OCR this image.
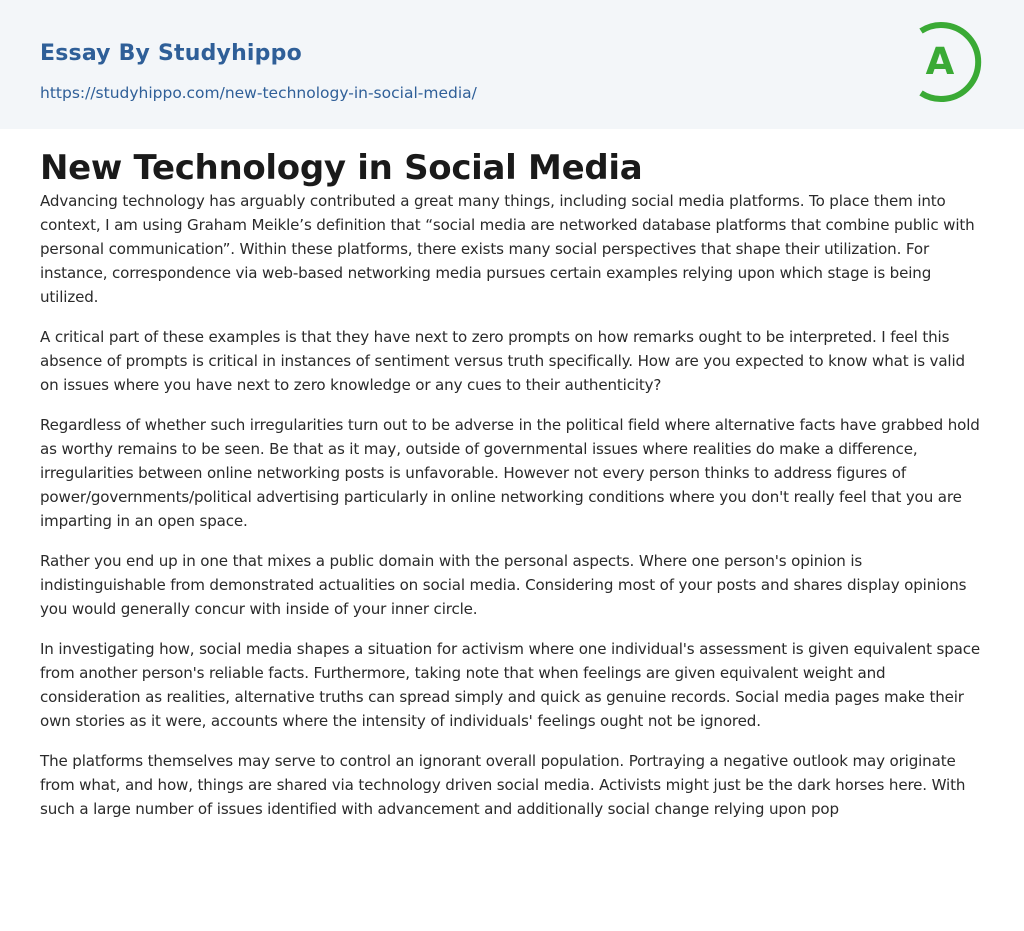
Essay By Studyhippo
https://studyhippo.com/new-technology-in-social-media/
A
New Technology in Social Media

Advancing technology has arguably contributed a great many things, including social media platforms. To place them into context, I am using Graham Meikle’s definition that “social media are networked database platforms that combine public with personal communication”. Within these platforms, there exists many social perspectives that shape their utilization. For instance, correspondence via web-based networking media pursues certain examples relying upon which stage is being utilized.

A critical part of these examples is that they have next to zero prompts on how remarks ought to be interpreted. I feel this absence of prompts is critical in instances of sentiment versus truth specifically. How are you expected to know what is valid on issues where you have next to zero knowledge or any cues to their authenticity?

Regardless of whether such irregularities turn out to be adverse in the political field where alternative facts have grabbed hold as worthy remains to be seen. Be that as it may, outside of governmental issues where realities do make a difference, irregularities between online networking posts is unfavorable. However not every person thinks to address figures of power/governments/political advertising particularly in online networking conditions where you don't really feel that you are imparting in an open space.

Rather you end up in one that mixes a public domain with the personal aspects. Where one person's opinion is indistinguishable from demonstrated actualities on social media. Considering most of your posts and shares display opinions you would generally concur with inside of your inner circle.

In investigating how, social media shapes a situation for activism where one individual's assessment is given equivalent space from another person's reliable facts. Furthermore, taking note that when feelings are given equivalent weight and consideration as realities, alternative truths can spread simply and quick as genuine records. Social media pages make their own stories as it were, accounts where the intensity of individuals' feelings ought not be ignored.

The platforms themselves may serve to control an ignorant overall population. Portraying a negative outlook may originate from what, and how, things are shared via technology driven social media. Activists might just be the dark horses here. With such a large number of issues identified with advancement and additionally social change relying upon pop
